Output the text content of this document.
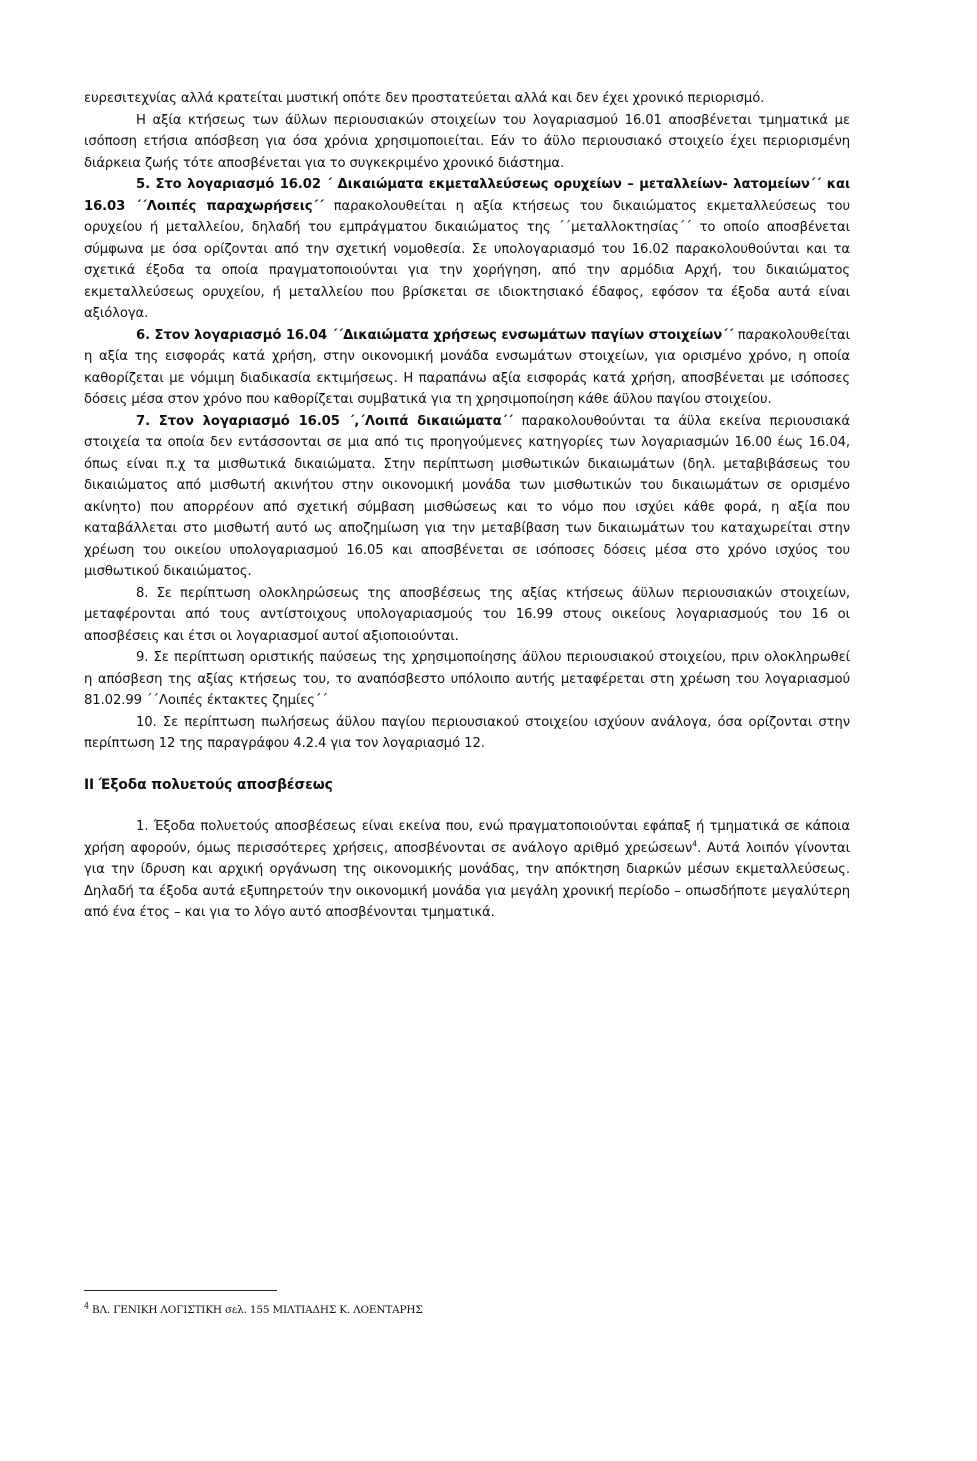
ευρεσιτεχνίας αλλά κρατείται μυστική οπότε δεν προστατεύεται αλλά και δεν έχει χρονικό περιορισμό.

Η αξία κτήσεως των άϋλων περιουσιακών στοιχείων του λογαριασμού 16.01 αποσβένεται τμηματικά με ισόποση ετήσια απόσβεση για όσα χρόνια χρησιμοποιείται. Εάν το άϋλο περιουσιακό στοιχείο έχει περιορισμένη διάρκεια ζωής τότε αποσβένεται για το συγκεκριμένο χρονικό διάστημα.

5. Στο λογαριασμό 16.02 ΄ Δικαιώματα εκμεταλλεύσεως ορυχείων – μεταλλείων- λατομείων΄΄ και 16.03 ΄΄Λοιπές παραχωρήσεις΄΄ παρακολουθείται η αξία κτήσεως του δικαιώματος εκμεταλλεύσεως του ορυχείου ή μεταλλείου, δηλαδή του εμπράγματου δικαιώματος της ΄΄μεταλλοκτησίας΄΄ το οποίο αποσβένεται σύμφωνα με όσα ορίζονται από την σχετική νομοθεσία. Σε υπολογαριασμό του 16.02 παρακολουθούνται και τα σχετικά έξοδα τα οποία πραγματοποιούνται για την χορήγηση, από την αρμόδια Αρχή, του δικαιώματος εκμεταλλεύσεως ορυχείου, ή μεταλλείου που βρίσκεται σε ιδιοκτησιακό έδαφος, εφόσον τα έξοδα αυτά είναι αξιόλογα.

6. Στον λογαριασμό 16.04 ΄΄Δικαιώματα χρήσεως ενσωμάτων παγίων στοιχείων΄΄ παρακολουθείται η αξία της εισφοράς κατά χρήση, στην οικονομική μονάδα ενσωμάτων στοιχείων, για ορισμένο χρόνο, η οποία καθορίζεται με νόμιμη διαδικασία εκτιμήσεως. Η παραπάνω αξία εισφοράς κατά χρήση, αποσβένεται με ισόποσες δόσεις μέσα στον χρόνο που καθορίζεται συμβατικά για τη χρησιμοποίηση κάθε άϋλου παγίου στοιχείου.

7. Στον λογαριασμό 16.05 ΄,΄Λοιπά δικαιώματα΄΄ παρακολουθούνται τα άϋλα εκείνα περιουσιακά στοιχεία τα οποία δεν εντάσσονται σε μια από τις προηγούμενες κατηγορίες των λογαριασμών 16.00 έως 16.04, όπως είναι π.χ τα μισθωτικά δικαιώματα. Στην περίπτωση μισθωτικών δικαιωμάτων (δηλ. μεταβιβάσεως του δικαιώματος από μισθωτή ακινήτου στην οικονομική μονάδα των μισθωτικών του δικαιωμάτων σε ορισμένο ακίνητο) που απορρέουν από σχετική σύμβαση μισθώσεως και το νόμο που ισχύει κάθε φορά, η αξία που καταβάλλεται στο μισθωτή αυτό ως αποζημίωση για την μεταβίβαση των δικαιωμάτων του καταχωρείται στην χρέωση του οικείου υπολογαριασμού 16.05 και αποσβένεται σε ισόποσες δόσεις μέσα στο χρόνο ισχύος του μισθωτικού δικαιώματος.

8. Σε περίπτωση ολοκληρώσεως της αποσβέσεως της αξίας κτήσεως άϋλων περιουσιακών στοιχείων, μεταφέρονται από τους αντίστοιχους υπολογαριασμούς του 16.99 στους οικείους λογαριασμούς του 16 οι αποσβέσεις και έτσι οι λογαριασμοί αυτοί αξιοποιούνται.

9. Σε περίπτωση οριστικής παύσεως της χρησιμοποίησης άϋλου περιουσιακού στοιχείου, πριν ολοκληρωθεί η απόσβεση της αξίας κτήσεως του, το αναπόσβεστο υπόλοιπο αυτής μεταφέρεται στη χρέωση του λογαριασμού 81.02.99 ΄΄Λοιπές έκτακτες ζημίες΄΄

10. Σε περίπτωση πωλήσεως άϋλου παγίου περιουσιακού στοιχείου ισχύουν ανάλογα, όσα ορίζονται στην περίπτωση 12 της παραγράφου 4.2.4 για τον λογαριασμό 12.

ΙΙ Έξοδα πολυετούς αποσβέσεως

1. Έξοδα πολυετούς αποσβέσεως είναι εκείνα που, ενώ πραγματοποιούνται εφάπαξ ή τμηματικά σε κάποια χρήση αφορούν, όμως περισσότερες χρήσεις, αποσβένονται σε ανάλογο αριθμό χρεώσεων$^4$. Αυτά λοιπόν γίνονται για την ίδρυση και αρχική οργάνωση της οικονομικής μονάδας, την απόκτηση διαρκών μέσων εκμεταλλεύσεως. Δηλαδή τα έξοδα αυτά εξυπηρετούν την οικονομική μονάδα για μεγάλη χρονική περίοδο – οπωσδήποτε μεγαλύτερη από ένα έτος – και για το λόγο αυτό αποσβένονται τμηματικά.

$^4$ ΒΛ. ΓΕΝΙΚΗ ΛΟΓΙΣΤΙΚΗ σελ. 155 ΜΙΛΤΙΑΔΗΣ Κ. ΛΟΕΝΤΑΡΗΣ
